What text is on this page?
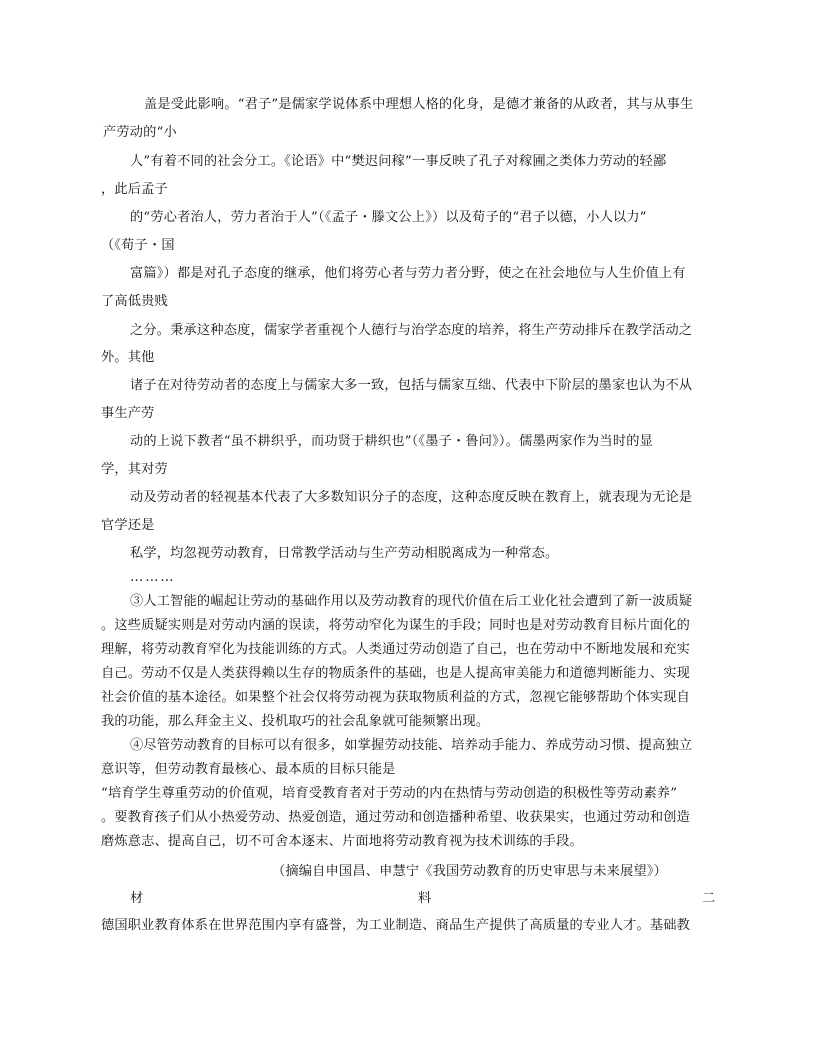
盖是受此影响。“君子”是儒家学说体系中理想人格的化身，是德才兼备的从政者，其与从事生
产劳动的“小
人”有着不同的社会分工。《论语》中“樊迟问稼”一事反映了孔子对稼圃之类体力劳动的轻鄙
，此后孟子
的“劳心者治人，劳力者治于人”（《孟子・滕文公上》）以及荀子的“君子以德，小人以力”
（《荀子・国
富篇》）都是对孔子态度的继承，他们将劳心者与劳力者分野，使之在社会地位与人生价值上有
了高低贵贱
之分。秉承这种态度，儒家学者重视个人德行与治学态度的培养，将生产劳动排斥在教学活动之
外。其他
诸子在对待劳动者的态度上与儒家大多一致，包括与儒家互绌、代表中下阶层的墨家也认为不从
事生产劳
动的上说下教者“虽不耕织乎，而功贤于耕织也”（《墨子・鲁问》）。儒墨两家作为当时的显
学，其对劳
动及劳动者的轻视基本代表了大多数知识分子的态度，这种态度反映在教育上，就表现为无论是
官学还是
私学，均忽视劳动教育，日常教学活动与生产劳动相脱离成为一种常态。
………
③人工智能的崛起让劳动的基础作用以及劳动教育的现代价值在后工业化社会遭到了新一波质疑
。这些质疑实则是对劳动内涵的误读，将劳动窄化为谋生的手段；同时也是对劳动教育目标片面化的
理解，将劳动教育窄化为技能训练的方式。人类通过劳动创造了自己，也在劳动中不断地发展和充实
自己。劳动不仅是人类获得赖以生存的物质条件的基础，也是人提高审美能力和道德判断能力、实现
社会价值的基本途径。如果整个社会仅将劳动视为获取物质利益的方式，忽视它能够帮助个体实现自
我的功能，那么拜金主义、投机取巧的社会乱象就可能频繁出现。
④尽管劳动教育的目标可以有很多，如掌握劳动技能、培养动手能力、养成劳动习惯、提高独立
意识等，但劳动教育最核心、最本质的目标只能是
“培育学生尊重劳动的价值观，培育受教育者对于劳动的内在热情与劳动创造的积极性等劳动素养”
。要教育孩子们从小热爱劳动、热爱创造，通过劳动和创造播种希望、收获果实，也通过劳动和创造
磨炼意志、提高自己，切不可舍本逐末、片面地将劳动教育视为技术训练的手段。
（摘编自申国昌、申慧宁《我国劳动教育的历史审思与未来展望》）
材	料	二
德国职业教育体系在世界范围内享有盛誉，为工业制造、商品生产提供了高质量的专业人才。基础教
